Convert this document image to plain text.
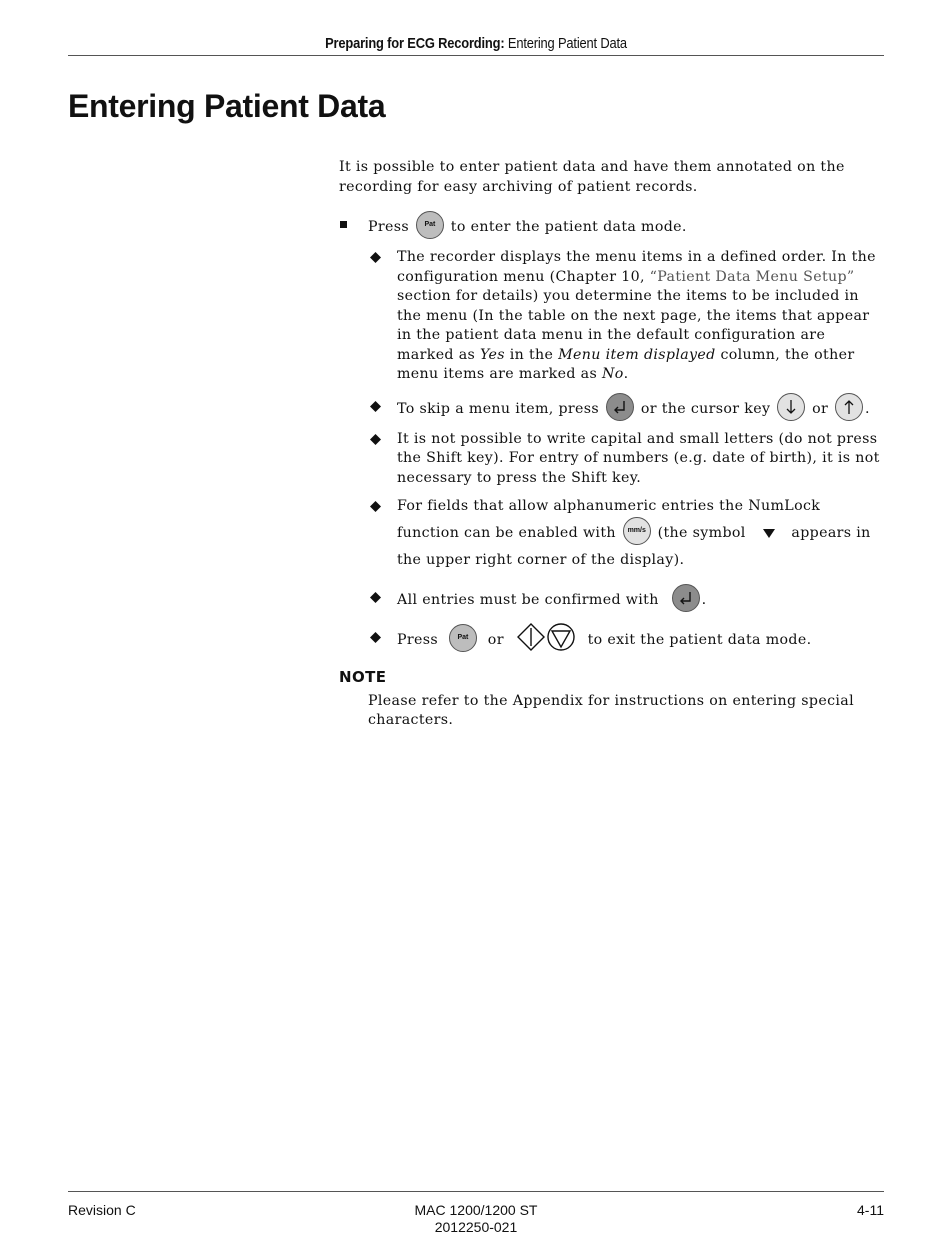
Preparing for ECG Recording: Entering Patient Data
Entering Patient Data

It is possible to enter patient data and have them annotated on the recording for easy archiving of patient records.

Press Pat to enter the patient data mode.
The recorder displays the menu items in a defined order. In the configuration menu (Chapter 10, “Patient Data Menu Setup” section for details) you determine the items to be included in the menu (In the table on the next page, the items that appear in the patient data menu in the default configuration are marked as Yes in the Menu item displayed column, the other menu items are marked as No.
To skip a menu item, press	or the cursor key	or	.
It is not possible to write capital and small letters (do not press the Shift key). For entry of numbers (e.g. date of birth), it is not necessary to press the Shift key.
For fields that allow alphanumeric entries the NumLock function can be enabled with mm/s (the symbol	appears in the upper right corner of the display).
All entries must be confirmed with	.
Press	Pat or	to exit the patient data mode.
NOTE

Please refer to the Appendix for instructions on entering special characters.

Revision C	MAC 1200/1200 ST
2012250-021
4-11
